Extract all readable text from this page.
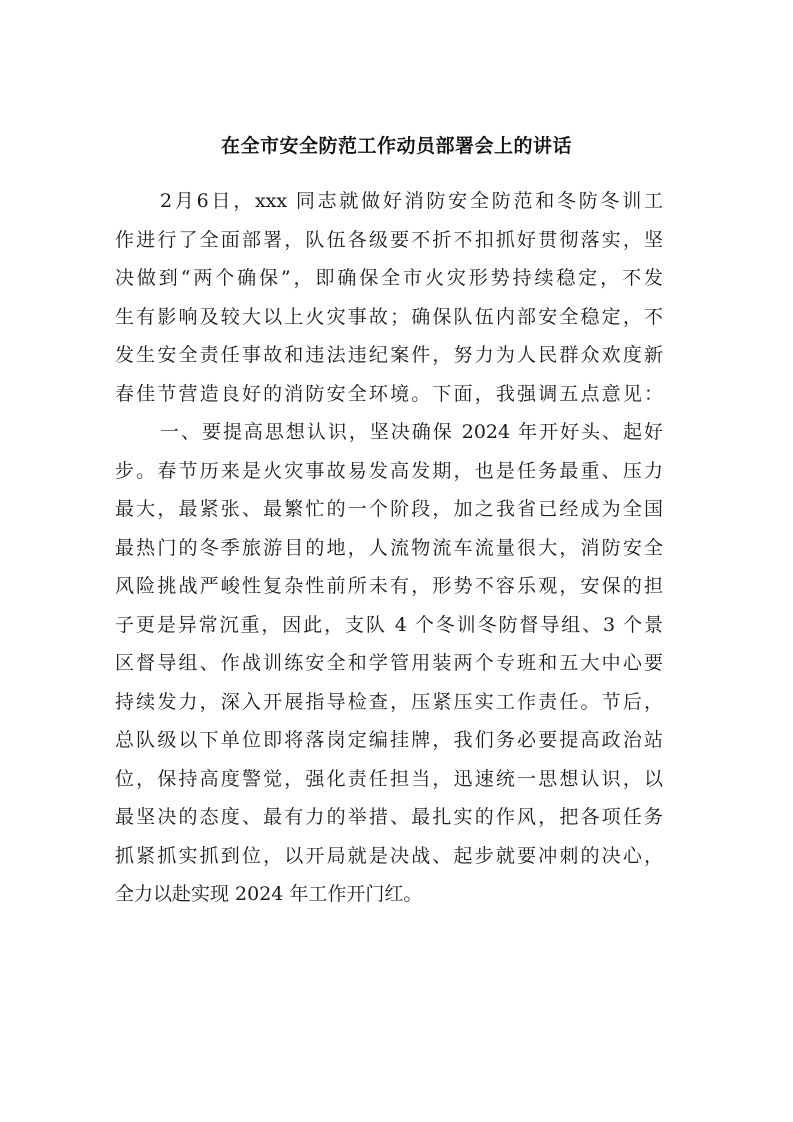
在全市安全防范工作动员部署会上的讲话
2月6日，xxx 同志就做好消防安全防范和冬防冬训工
作进行了全面部署，队伍各级要不折不扣抓好贯彻落实，坚
决做到“两个确保”，即确保全市火灾形势持续稳定，不发
生有影响及较大以上火灾事故；确保队伍内部安全稳定，不
发生安全责任事故和违法违纪案件，努力为人民群众欢度新
春佳节营造良好的消防安全环境。下面，我强调五点意见：
一、要提高思想认识，坚决确保 2024 年开好头、起好
步。春节历来是火灾事故易发高发期，也是任务最重、压力
最大，最紧张、最繁忙的一个阶段，加之我省已经成为全国
最热门的冬季旅游目的地，人流物流车流量很大，消防安全
风险挑战严峻性复杂性前所未有，形势不容乐观，安保的担
子更是异常沉重，因此，支队 4 个冬训冬防督导组、3 个景
区督导组、作战训练安全和学管用装两个专班和五大中心要
持续发力，深入开展指导检查，压紧压实工作责任。节后，
总队级以下单位即将落岗定编挂牌，我们务必要提高政治站
位，保持高度警觉，强化责任担当，迅速统一思想认识，以
最坚决的态度、最有力的举措、最扎实的作风，把各项任务
抓紧抓实抓到位，以开局就是决战、起步就要冲刺的决心，
全力以赴实现 2024 年工作开门红。
